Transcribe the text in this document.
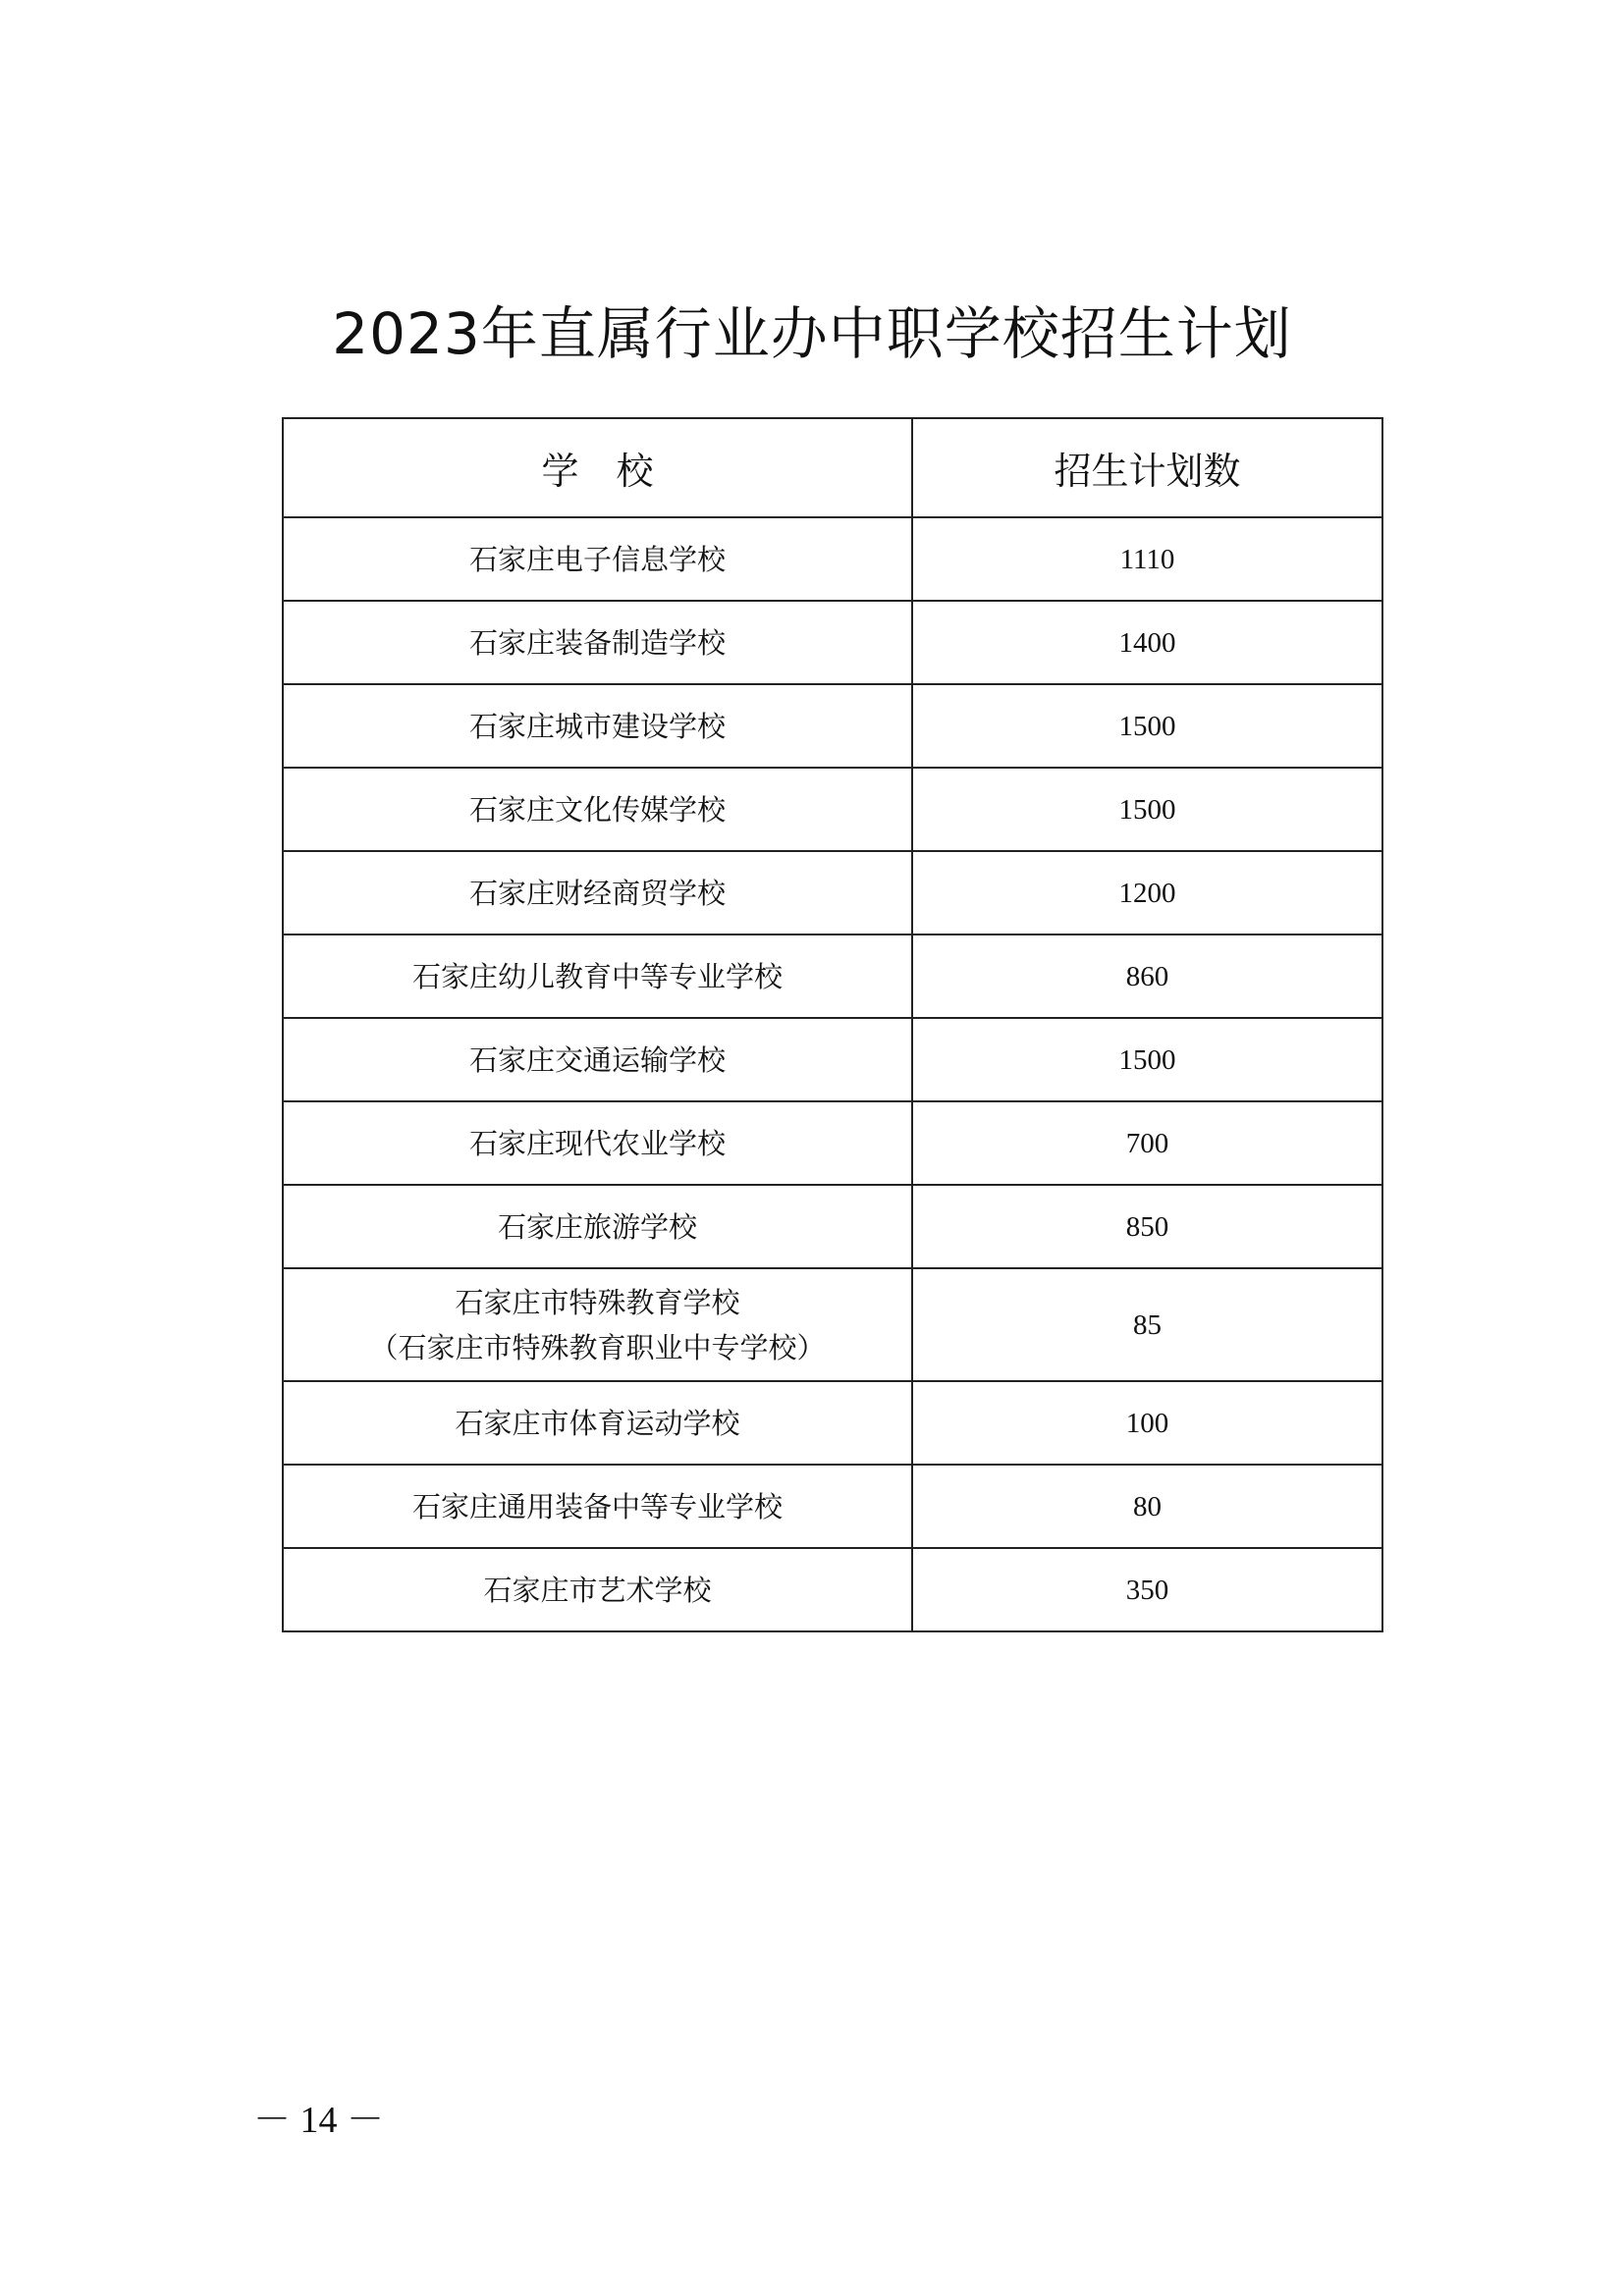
2023年直属行业办中职学校招生计划
学　校	招生计划数
石家庄电子信息学校	1110
石家庄装备制造学校	1400
石家庄城市建设学校	1500
石家庄文化传媒学校	1500
石家庄财经商贸学校	1200
石家庄幼儿教育中等专业学校	860
石家庄交通运输学校	1500
石家庄现代农业学校	700
石家庄旅游学校	850

石家庄市特殊教育学校
（石家庄市特殊教育职业中专学校）	85
石家庄市体育运动学校	100
石家庄通用装备中等专业学校	80
石家庄市艺术学校	350
－ 14 －
